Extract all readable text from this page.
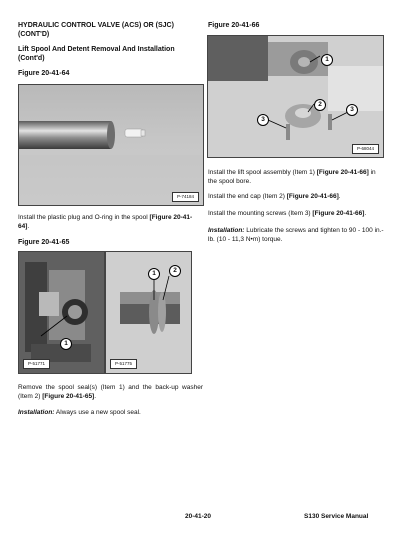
HYDRAULIC CONTROL VALVE (ACS) OR (SJC) (CONT'D)
Lift Spool And Detent Removal And Installation (Cont'd)
Figure 20-41-64
P-74184

Install the plastic plug and O-ring in the spool [Figure 20-41-64].

Figure 20-41-65
1
P-51771
1	2
P-51775

Remove the spool seal(s) (Item 1) and the back-up washer (Item 2) [Figure 20-41-65].

Installation: Always use a new spool seal.

Figure 20-41-66
1
2
3
3
P-68044

Install the lift spool assembly (Item 1) [Figure 20-41-66] in the spool bore.

Install the end cap (Item 2) [Figure 20-41-66].

Install the mounting screws (Item 3) [Figure 20-41-66].

Installation: Lubricate the screws and tighten to 90 - 100 in.-lb. (10 - 11,3 N•m) torque.

20-41-20	S130 Service Manual
